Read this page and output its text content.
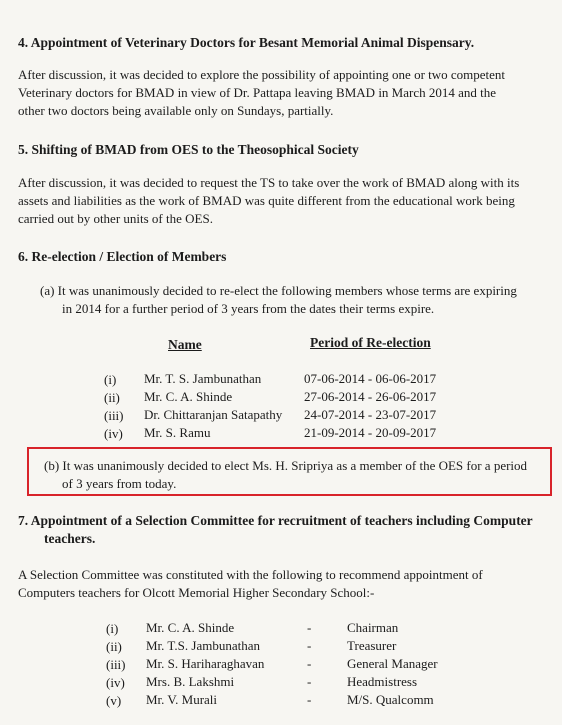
4. Appointment of Veterinary Doctors for Besant Memorial Animal Dispensary.
After discussion, it was decided to explore the possibility of appointing one or two competent
Veterinary doctors for BMAD in view of Dr. Pattapa leaving BMAD in March 2014 and the
other two doctors being available only on Sundays, partially.
5. Shifting of BMAD from OES to the Theosophical Society
After discussion, it was decided to request the TS to take over the work of BMAD along with its
assets and liabilities as the work of BMAD was quite different from the educational work being
carried out by other units of the OES.
6. Re-election / Election of Members
(a) It was unanimously decided to re-elect the following members whose terms are expiring
in 2014 for a further period of 3 years from the dates their terms expire.
Name	Period of Re-election
(i) Mr. T. S. Jambunathan	07-06-2014 - 06-06-2017
(ii) Mr. C. A. Shinde	27-06-2014 - 26-06-2017
(iii) Dr. Chittaranjan Satapathy 24-07-2014 - 23-07-2017
(iv) Mr. S. Ramu	21-09-2014 - 20-09-2017
(b) It was unanimously decided to elect Ms. H. Sripriya as a member of the OES for a period
of 3 years from today.
7. Appointment of a Selection Committee for recruitment of teachers including Computer
teachers.
A Selection Committee was constituted with the following to recommend appointment of
Computers teachers for Olcott Memorial Higher Secondary School:-
(i) Mr. C. A. Shinde	-	Chairman
(ii) Mr. T.S. Jambunathan	-	Treasurer
(iii) Mr. S. Hariharaghavan	-	General Manager
(iv) Mrs. B. Lakshmi	-	Headmistress
(v) Mr. V. Murali	-	M/S. Qualcomm
